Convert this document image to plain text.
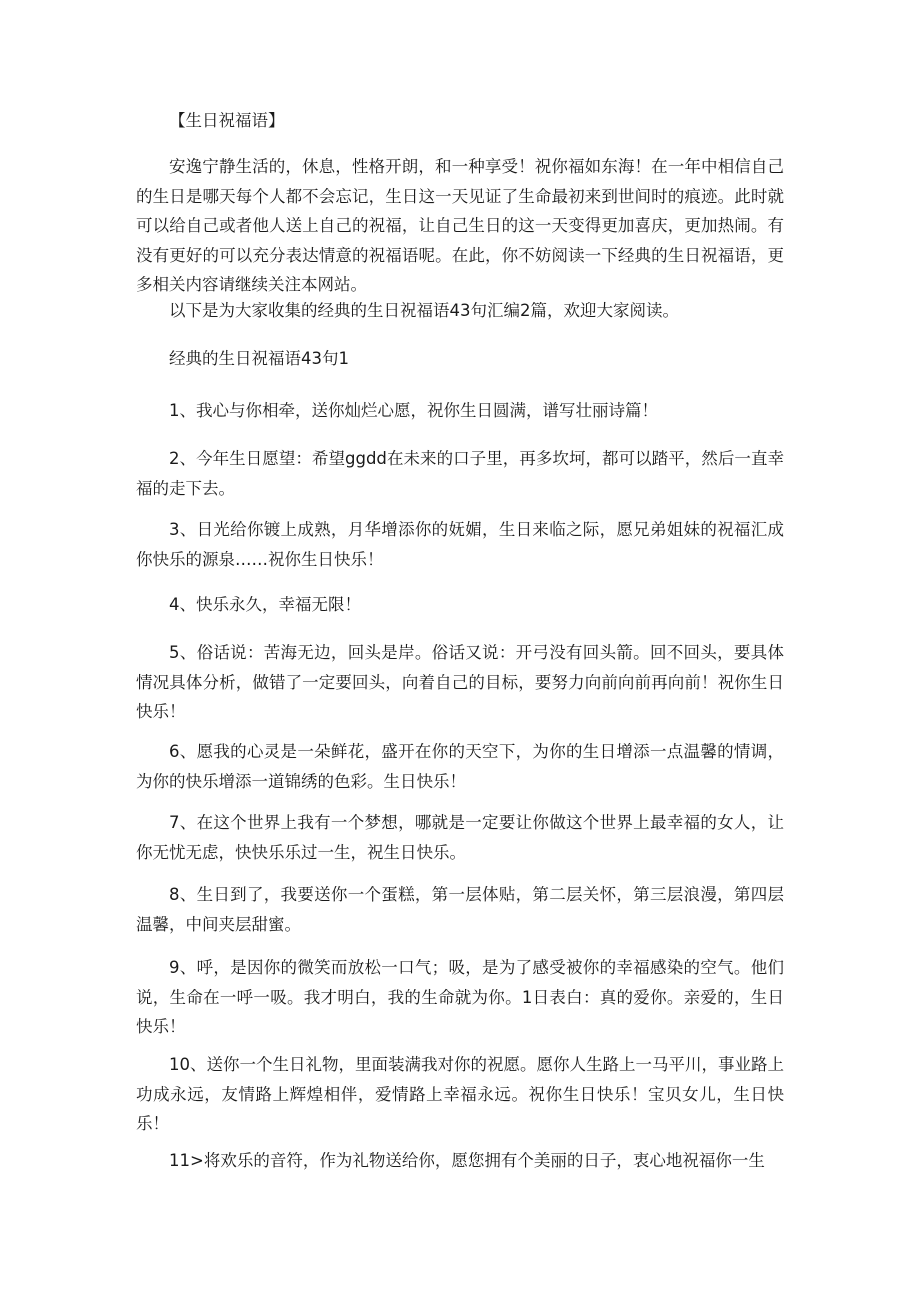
【生日祝福语】

安逸宁静生活的，休息，性格开朗，和一种享受！祝你福如东海！在一年中相信自己的生日是哪天每个人都不会忘记，生日这一天见证了生命最初来到世间时的痕迹。此时就可以给自己或者他人送上自己的祝福，让自己生日的这一天变得更加喜庆，更加热闹。有没有更好的可以充分表达情意的祝福语呢。在此，你不妨阅读一下经典的生日祝福语，更多相关内容请继续关注本网站。

以下是为大家收集的经典的生日祝福语43句汇编2篇，欢迎大家阅读。

经典的生日祝福语43句1

1、我心与你相牵，送你灿烂心愿，祝你生日圆满，谱写壮丽诗篇！

2、今年生日愿望：希望ggdd在未来的口子里，再多坎坷，都可以踏平，然后一直幸福的走下去。

3、日光给你镀上成熟，月华增添你的妩媚，生日来临之际，愿兄弟姐妹的祝福汇成你快乐的源泉……祝你生日快乐！

4、快乐永久，幸福无限！

5、俗话说：苦海无边，回头是岸。俗话又说：开弓没有回头箭。回不回头，要具体情况具体分析，做错了一定要回头，向着自己的目标，要努力向前向前再向前！祝你生日快乐！

6、愿我的心灵是一朵鲜花，盛开在你的天空下，为你的生日增添一点温馨的情调，为你的快乐增添一道锦绣的色彩。生日快乐！

7、在这个世界上我有一个梦想，哪就是一定要让你做这个世界上最幸福的女人，让你无忧无虑，快快乐乐过一生，祝生日快乐。

8、生日到了，我要送你一个蛋糕，第一层体贴，第二层关怀，第三层浪漫，第四层温馨，中间夹层甜蜜。

9、呼，是因你的微笑而放松一口气；吸，是为了感受被你的幸福感染的空气。他们说，生命在一呼一吸。我才明白，我的生命就为你。1日表白：真的爱你。亲爱的，生日快乐！

10、送你一个生日礼物，里面装满我对你的祝愿。愿你人生路上一马平川，事业路上功成永远，友情路上辉煌相伴，爱情路上幸福永远。祝你生日快乐！宝贝女儿，生日快乐！

11>将欢乐的音符，作为礼物送给你，愿您拥有个美丽的日子，衷心地祝福你一生
